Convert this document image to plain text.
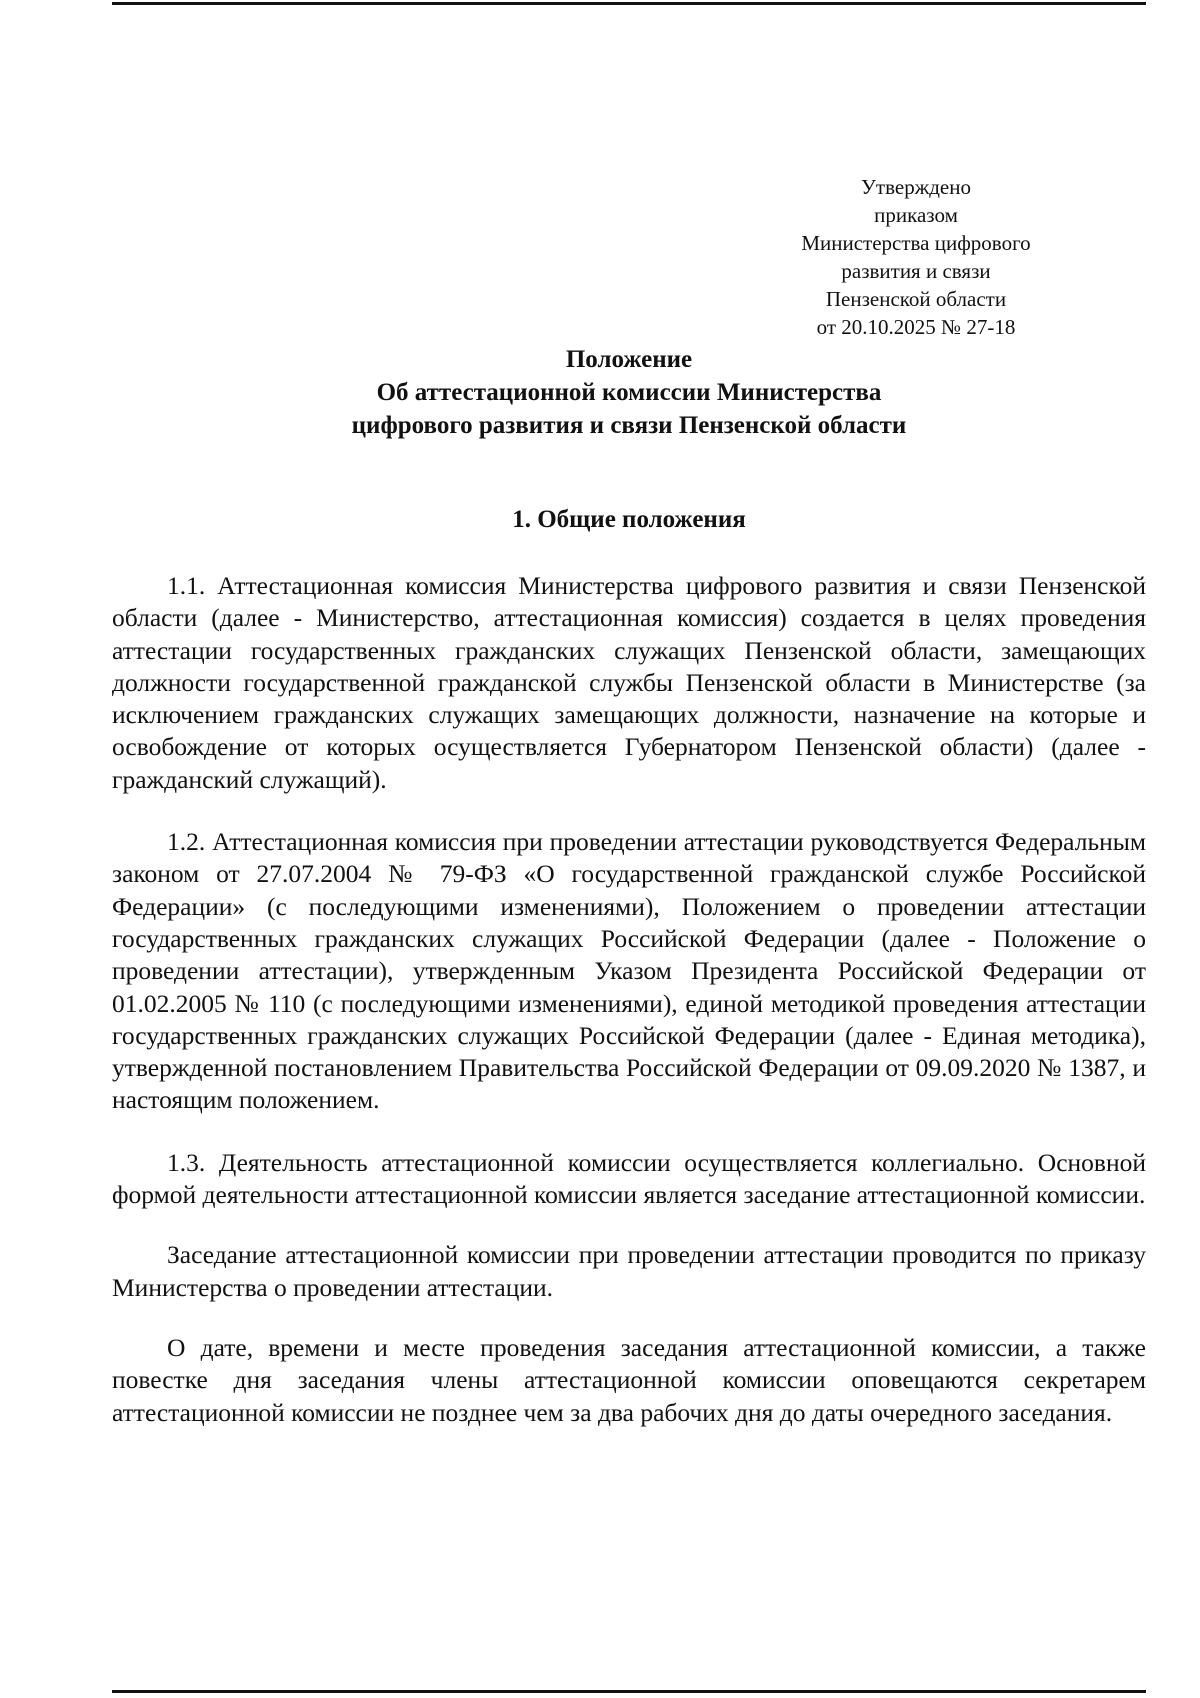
Утверждено
приказом
Министерства цифрового
развития и связи
Пензенской области
от 20.10.2025 № 27-18
Положение
Об аттестационной комиссии Министерства
цифрового развития и связи Пензенской области
1. Общие положения

1.1. Аттестационная комиссия Министерства цифрового развития и связи Пензенской области (далее - Министерство, аттестационная комиссия) создается в целях проведения аттестации государственных гражданских служащих Пензенской области, замещающих должности государственной гражданской службы Пензенской области в Министерстве (за исключением гражданских служащих замещающих должности, назначение на которые и освобождение от которых осуществляется Губернатором Пензенской области) (далее - гражданский служащий).

1.2. Аттестационная комиссия при проведении аттестации руководствуется Федеральным законом от 27.07.2004 № 79-ФЗ «О государственной гражданской службе Российской Федерации» (с последующими изменениями), Положением о проведении аттестации государственных гражданских служащих Российской Федерации (далее - Положение о проведении аттестации), утвержденным Указом Президента Российской Федерации от 01.02.2005 № 110 (с последующими изменениями), единой методикой проведения аттестации государственных гражданских служащих Российской Федерации (далее - Единая методика), утвержденной постановлением Правительства Российской Федерации от 09.09.2020 № 1387, и настоящим положением.

1.3. Деятельность аттестационной комиссии осуществляется коллегиально. Основной формой деятельности аттестационной комиссии является заседание аттестационной комиссии.

Заседание аттестационной комиссии при проведении аттестации проводится по приказу Министерства о проведении аттестации.

О дате, времени и месте проведения заседания аттестационной комиссии, а также повестке дня заседания члены аттестационной комиссии оповещаются секретарем аттестационной комиссии не позднее чем за два рабочих дня до даты очередного заседания.
